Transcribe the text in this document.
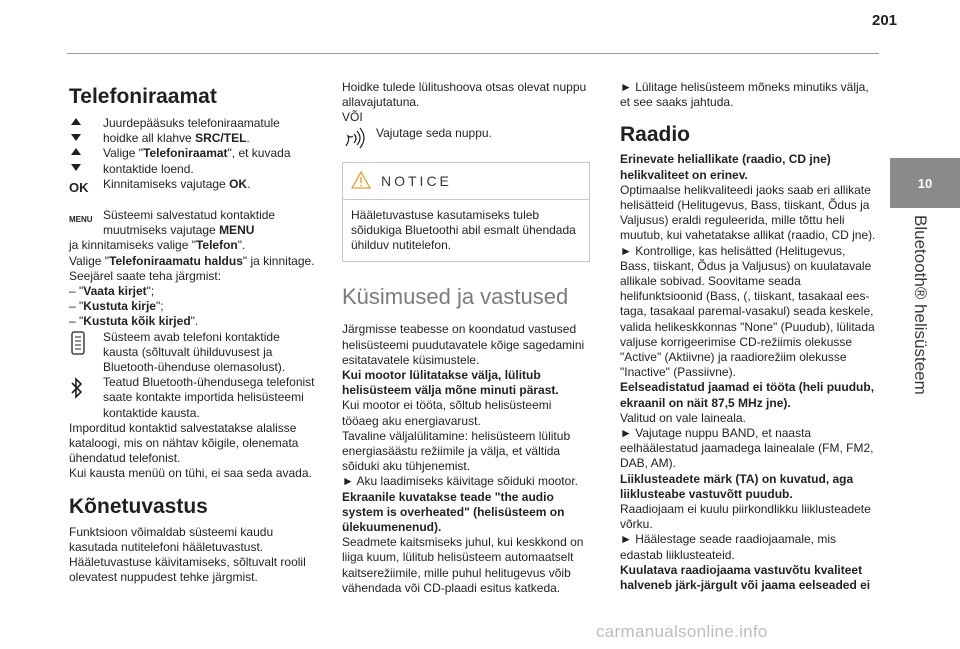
201
10
Bluetooth® helisüsteem
Telefoniraamat

Juurdepääsuks telefoniraamatule hoidke all klahve SRC/TEL.

Valige "Telefoniraamat", et kuvada kontaktide loend.

OK Kinnitamiseks vajutage OK.

MENU Süsteemi salvestatud kontaktide muutmiseks vajutage MENU

ja kinnitamiseks valige "Telefon".

Valige "Telefoniraamatu haldus" ja kinnitage.

Seejärel saate teha järgmist:

– "Vaata kirjet";

– "Kustuta kirje";

– "Kustuta kõik kirjed".

Süsteem avab telefoni kontaktide kausta (sõltuvalt ühilduvusest ja Bluetooth-ühenduse olemasolust).

Teatud Bluetooth-ühendusega telefonist saate kontakte importida helisüsteemi kontaktide kausta.

Imporditud kontaktid salvestatakse alalisse kataloogi, mis on nähtav kõigile, olenemata ühendatud telefonist.

Kui kausta menüü on tühi, ei saa seda avada.

Kõnetuvastus

Funktsioon võimaldab süsteemi kaudu kasutada nutitelefoni hääletuvastust.

Hääletuvastuse käivitamiseks, sõltuvalt roolil olevatest nuppudest tehke järgmist.

Hoidke tulede lülitushoova otsas olevat nuppu allavajutatuna.

VÕI

Vajutage seda nuppu.

NOTICE
Hääletuvastuse kasutamiseks tuleb sõidukiga Bluetoothi abil esmalt ühendada ühilduv nutitelefon.
Küsimused ja vastused

Järgmisse teabesse on koondatud vastused helisüsteemi puudutavatele kõige sagedamini esitatavatele küsimustele.

Kui mootor lülitatakse välja, lülitub helisüsteem välja mõne minuti pärast.

Kui mootor ei tööta, sõltub helisüsteemi tööaeg aku energiavarust.

Tavaline väljalülitamine: helisüsteem lülitub energiasäästu režiimile ja välja, et vältida sõiduki aku tühjenemist.

► Aku laadimiseks käivitage sõiduki mootor.

Ekraanile kuvatakse teade "the audio system is overheated" (helisüsteem on ülekuumenenud).

Seadmete kaitsmiseks juhul, kui keskkond on liiga kuum, lülitub helisüsteem automaatselt kaitserežiimile, mille puhul helitugevus võib vähendada või CD-plaadi esitus katkeda.

► Lülitage helisüsteem mõneks minutiks välja, et see saaks jahtuda.

Raadio

Erinevate heliallikate (raadio, CD jne) helikvaliteet on erinev.

Optimaalse helikvaliteedi jaoks saab eri allikate helisätteid (Helitugevus, Bass, tiiskant, Õdus ja Valjusus) eraldi reguleerida, mille tõttu heli muutub, kui vahetatakse allikat (raadio, CD jne).

► Kontrollige, kas helisätted (Helitugevus, Bass, tiiskant, Õdus ja Valjusus) on kuulatavale allikale sobivad. Soovitame seada helifunktsioonid (Bass, (, tiiskant, tasakaal ees-taga, tasakaal paremal-vasakul) seada keskele, valida helikeskkonnas "None" (Puudub), lülitada valjuse korrigeerimise CD-režiimis olekusse "Active" (Aktiivne) ja raadiorežiim olekusse "Inactive" (Passiivne).

Eelseadistatud jaamad ei tööta (heli puudub, ekraanil on näit 87,5 MHz jne).

Valitud on vale laineala.

► Vajutage nuppu BAND, et naasta eelhäälestatud jaamadega lainealale (FM, FM2, DAB, AM).

Liiklusteadete märk (TA) on kuvatud, aga liiklusteabe vastuvõtt puudub.

Raadiojaam ei kuulu piirkondlikku liiklusteadete võrku.

► Häälestage seade raadiojaamale, mis edastab liiklusteateid.

Kuulatava raadiojaama vastuvõtu kvaliteet halveneb järk-järgult või jaama eelseaded ei

carmanualsonline.info
